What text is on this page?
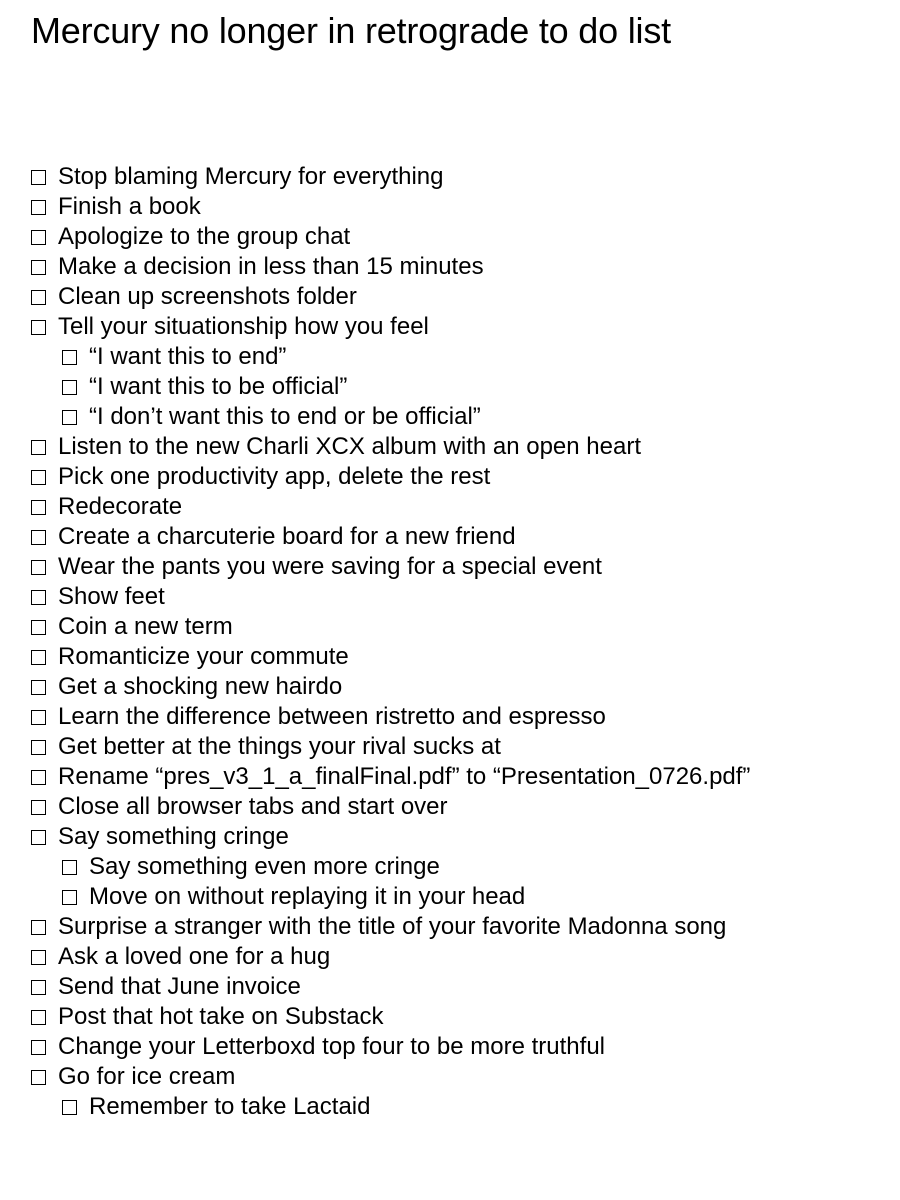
Mercury no longer in retrograde to do list
Stop blaming Mercury for everything
Finish a book
Apologize to the group chat
Make a decision in less than 15 minutes
Clean up screenshots folder
Tell your situationship how you feel
“I want this to end”
“I want this to be official”
“I don’t want this to end or be official”
Listen to the new Charli XCX album with an open heart
Pick one productivity app, delete the rest
Redecorate
Create a charcuterie board for a new friend
Wear the pants you were saving for a special event
Show feet
Coin a new term
Romanticize your commute
Get a shocking new hairdo
Learn the difference between ristretto and espresso
Get better at the things your rival sucks at
Rename “pres_v3_1_a_finalFinal.pdf” to “Presentation_0726.pdf”
Close all browser tabs and start over
Say something cringe
Say something even more cringe
Move on without replaying it in your head
Surprise a stranger with the title of your favorite Madonna song
Ask a loved one for a hug
Send that June invoice
Post that hot take on Substack
Change your Letterboxd top four to be more truthful
Go for ice cream
Remember to take Lactaid
